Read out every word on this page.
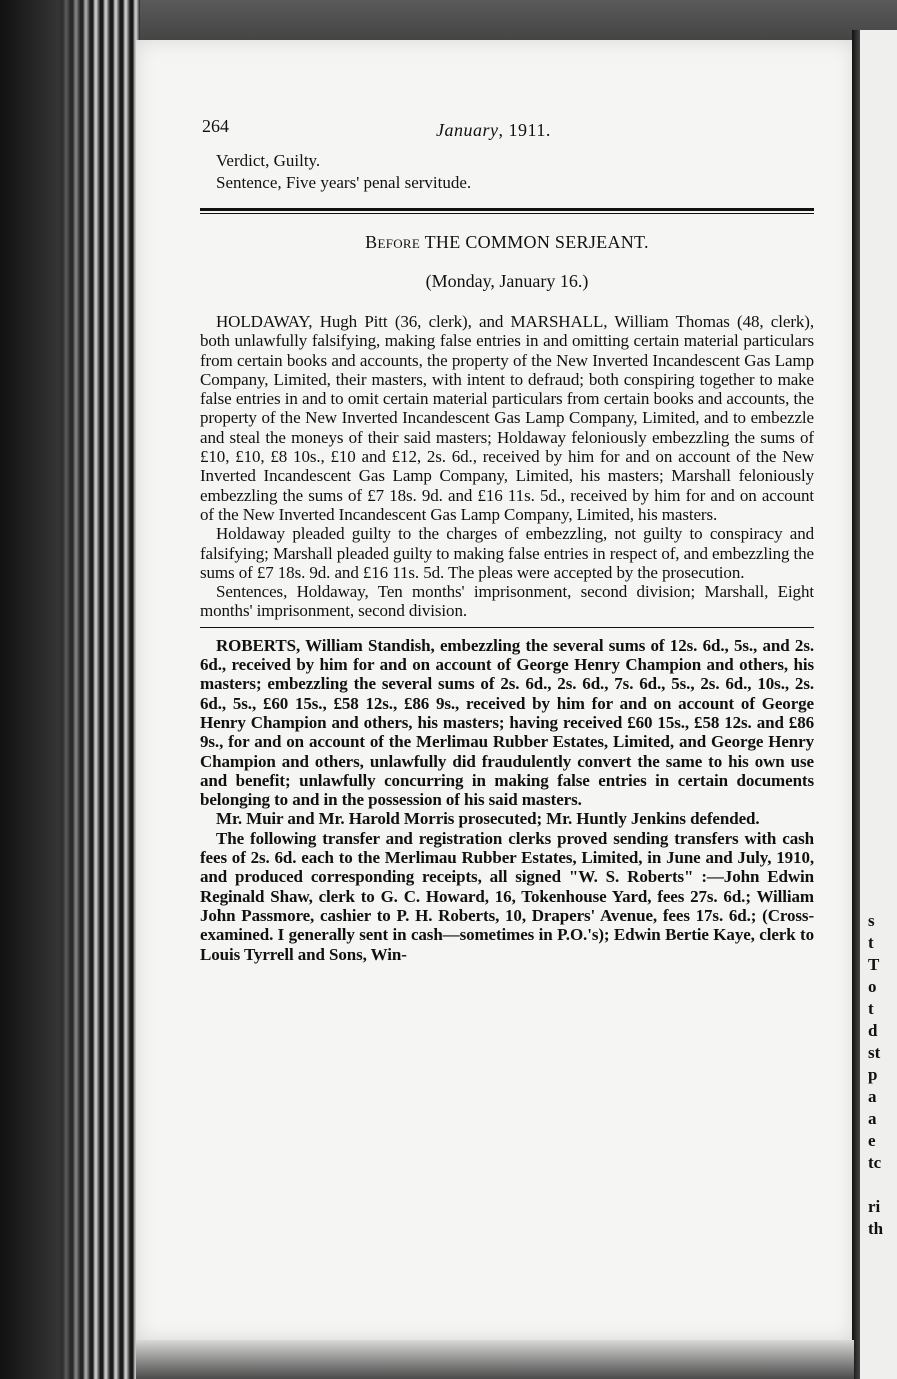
s
t
T
o
t
d
st
p
a
a
e
tc
ri
th
264	January, 1911.
Verdict, Guilty.
Sentence, Five years' penal servitude.
Before THE COMMON SERJEANT.
(Monday, January 16.)

HOLDAWAY, Hugh Pitt (36, clerk), and MARSHALL, William Thomas (48, clerk), both unlawfully falsifying, making false entries in and omitting certain material particulars from certain books and accounts, the property of the New Inverted Incandescent Gas Lamp Company, Limited, their masters, with intent to defraud; both conspiring together to make false entries in and to omit certain material particulars from certain books and accounts, the property of the New Inverted Incandescent Gas Lamp Company, Limited, and to embezzle and steal the moneys of their said masters; Holdaway feloniously embezzling the sums of £10, £10, £8 10s., £10 and £12, 2s. 6d., received by him for and on account of the New Inverted Incandescent Gas Lamp Company, Limited, his masters; Marshall feloniously embezzling the sums of £7 18s. 9d. and £16 11s. 5d., received by him for and on account of the New Inverted Incandescent Gas Lamp Company, Limited, his masters.

Holdaway pleaded guilty to the charges of embezzling, not guilty to conspiracy and falsifying; Marshall pleaded guilty to making false entries in respect of, and embezzling the sums of £7 18s. 9d. and £16 11s. 5d. The pleas were accepted by the prosecution.

Sentences, Holdaway, Ten months' imprisonment, second division; Marshall, Eight months' imprisonment, second division.

ROBERTS, William Standish, embezzling the several sums of 12s. 6d., 5s., and 2s. 6d., received by him for and on account of George Henry Champion and others, his masters; embezzling the several sums of 2s. 6d., 2s. 6d., 7s. 6d., 5s., 2s. 6d., 10s., 2s. 6d., 5s., £60 15s., £58 12s., £86 9s., received by him for and on account of George Henry Champion and others, his masters; having received £60 15s., £58 12s. and £86 9s., for and on account of the Merlimau Rubber Estates, Limited, and George Henry Champion and others, unlawfully did fraudulently convert the same to his own use and benefit; unlawfully concurring in making false entries in certain documents belonging to and in the possession of his said masters.

Mr. Muir and Mr. Harold Morris prosecuted; Mr. Huntly Jenkins defended.

The following transfer and registration clerks proved sending transfers with cash fees of 2s. 6d. each to the Merlimau Rubber Estates, Limited, in June and July, 1910, and produced corresponding receipts, all signed "W. S. Roberts" :—John Edwin Reginald Shaw, clerk to G. C. Howard, 16, Tokenhouse Yard, fees 27s. 6d.; William John Passmore, cashier to P. H. Roberts, 10, Drapers' Avenue, fees 17s. 6d.; (Cross-examined. I generally sent in cash—sometimes in P.O.'s); Edwin Bertie Kaye, clerk to Louis Tyrrell and Sons, Win-
